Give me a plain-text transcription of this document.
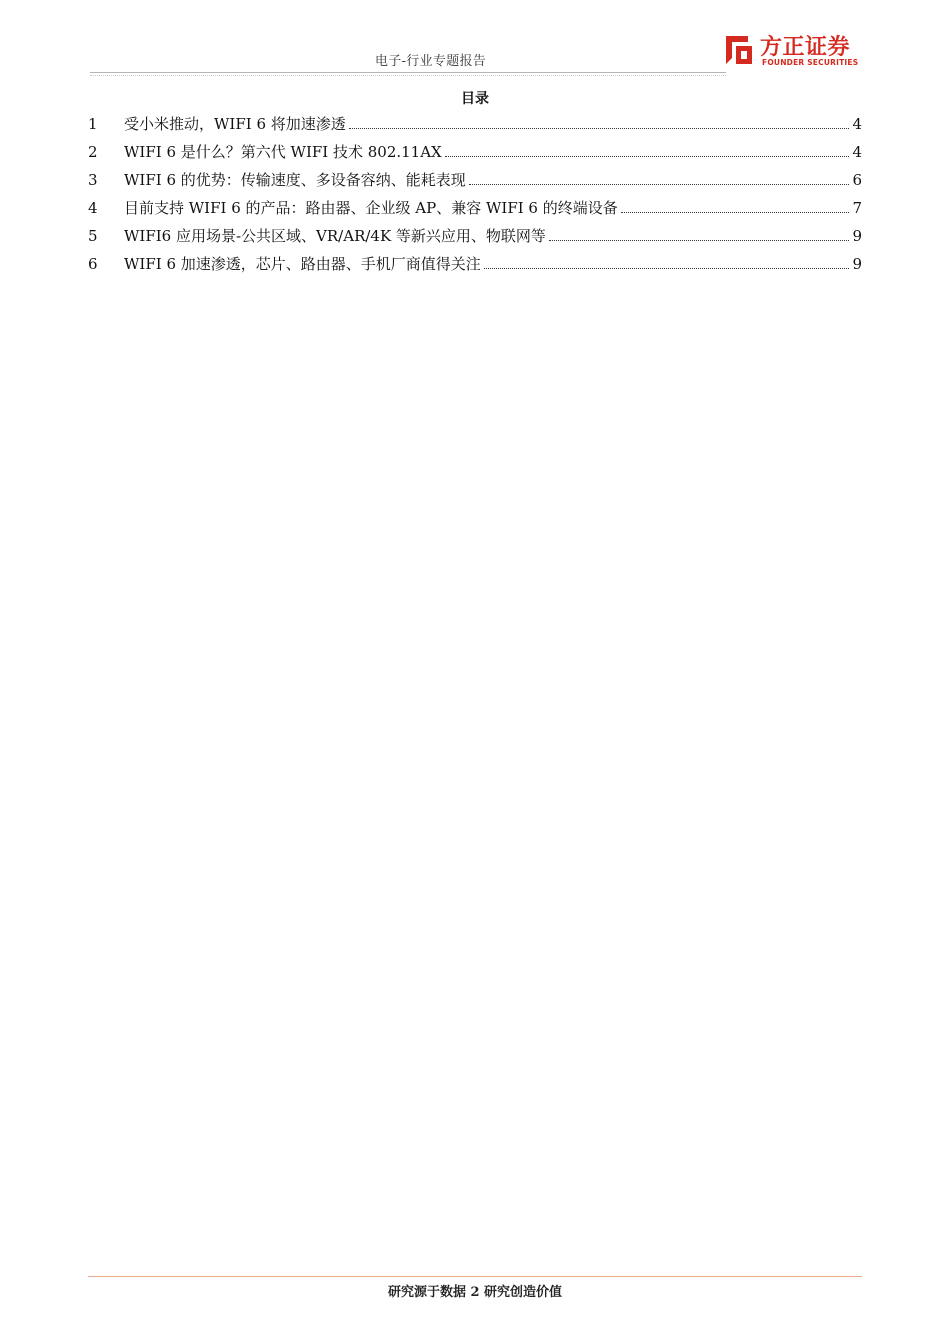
电子-行业专题报告
方正证券
FOUNDER SECURITIES
目录
1	受小米推动，WIFI 6 将加速渗透	4
2	WIFI 6 是什么？第六代 WIFI 技术 802.11AX	4
3	WIFI 6 的优势：传输速度、多设备容纳、能耗表现	6
4	目前支持 WIFI 6 的产品：路由器、企业级 AP、兼容 WIFI 6 的终端设备	7
5	WIFI6 应用场景-公共区域、VR/AR/4K 等新兴应用、物联网等	9
6	WIFI 6 加速渗透，芯片、路由器、手机厂商值得关注	9
研究源于数据 2 研究创造价值
